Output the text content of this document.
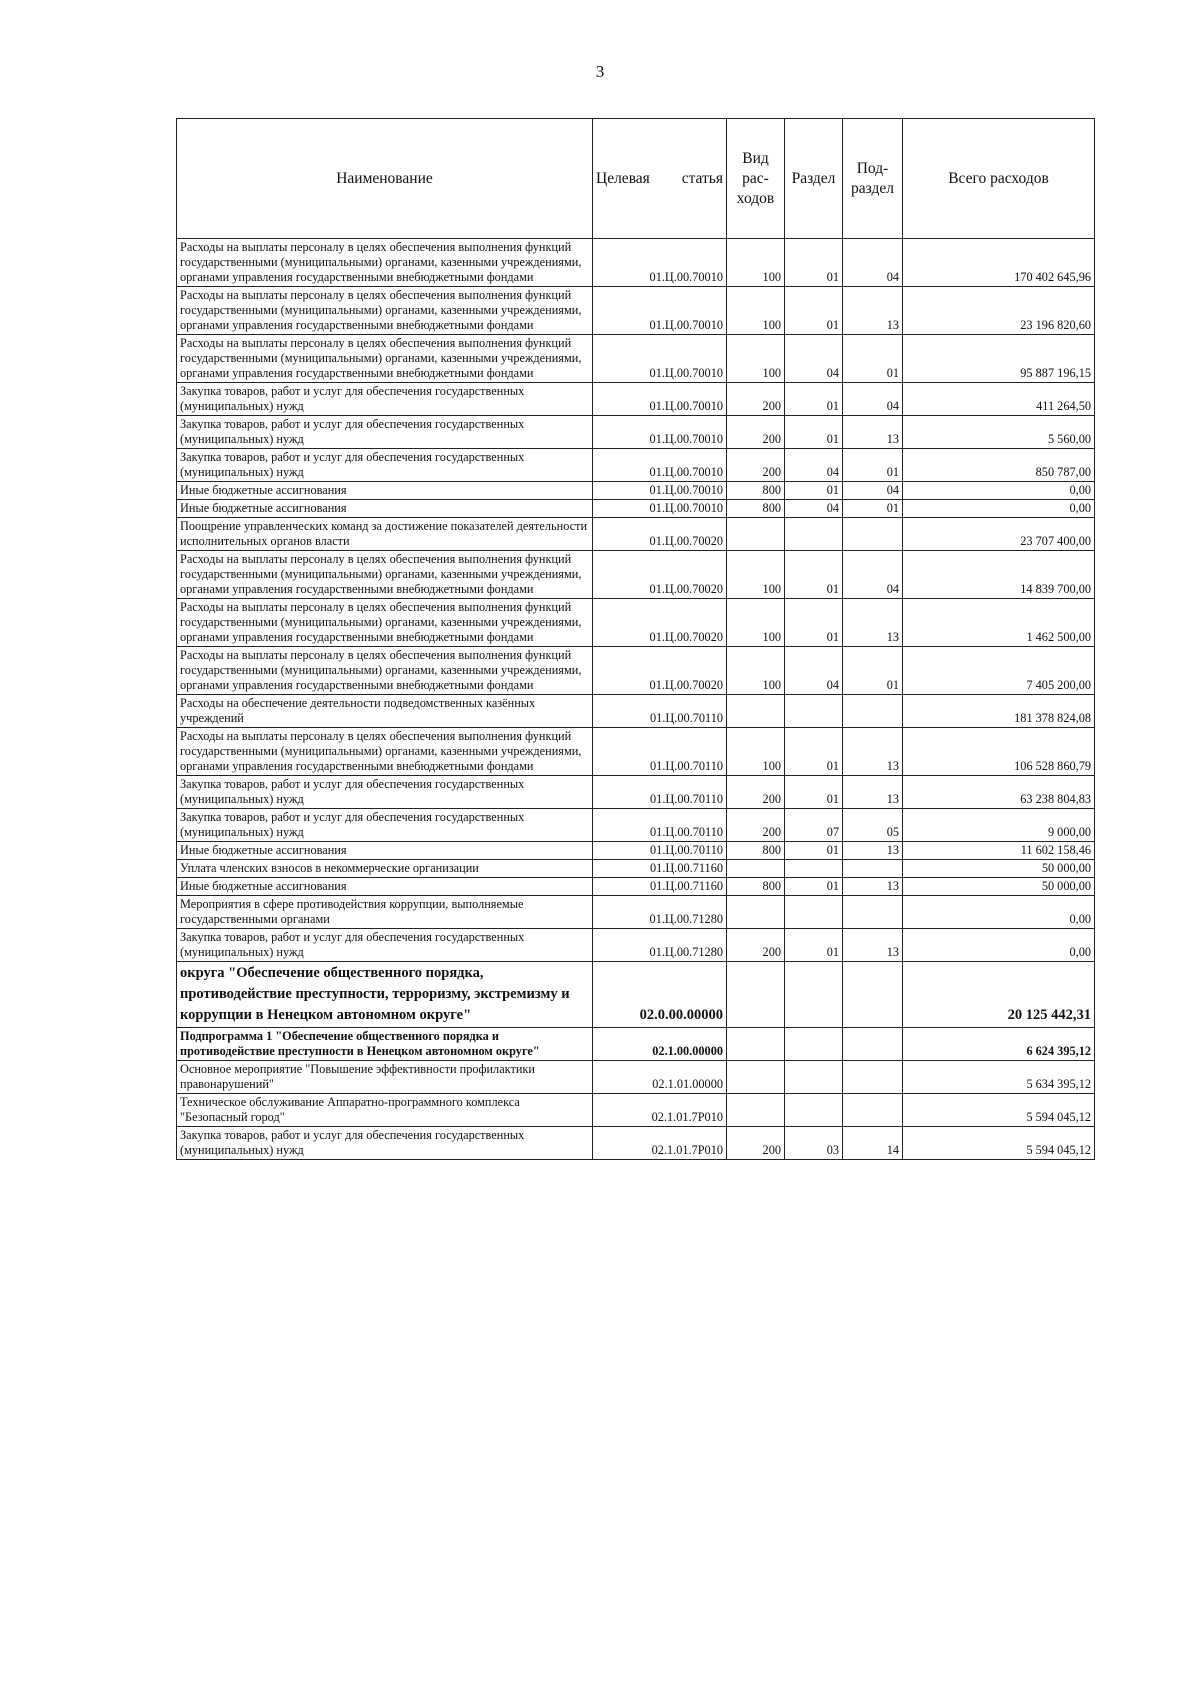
3
Наименование	Целевая статья	Вид рас-ходов	Раздел	Под-раздел	Всего расходов
Расходы на выплаты персоналу в целях обеспечения выполнения функций государственными (муниципальными) органами, казенными учреждениями, органами управления государственными внебюджетными фондами	01.Ц.00.70010	100	01	04	170 402 645,96
Расходы на выплаты персоналу в целях обеспечения выполнения функций государственными (муниципальными) органами, казенными учреждениями, органами управления государственными внебюджетными фондами	01.Ц.00.70010	100	01	13	23 196 820,60
Расходы на выплаты персоналу в целях обеспечения выполнения функций государственными (муниципальными) органами, казенными учреждениями, органами управления государственными внебюджетными фондами	01.Ц.00.70010	100	04	01	95 887 196,15
Закупка товаров, работ и услуг для обеспечения государственных (муниципальных) нужд	01.Ц.00.70010	200	01	04	411 264,50
Закупка товаров, работ и услуг для обеспечения государственных (муниципальных) нужд	01.Ц.00.70010	200	01	13	5 560,00
Закупка товаров, работ и услуг для обеспечения государственных (муниципальных) нужд	01.Ц.00.70010	200	04	01	850 787,00
Иные бюджетные ассигнования	01.Ц.00.70010	800	01	04	0,00
Иные бюджетные ассигнования	01.Ц.00.70010	800	04	01	0,00
Поощрение управленческих команд за достижение показателей деятельности исполнительных органов власти	01.Ц.00.70020				23 707 400,00
Расходы на выплаты персоналу в целях обеспечения выполнения функций государственными (муниципальными) органами, казенными учреждениями, органами управления государственными внебюджетными фондами	01.Ц.00.70020	100	01	04	14 839 700,00
Расходы на выплаты персоналу в целях обеспечения выполнения функций государственными (муниципальными) органами, казенными учреждениями, органами управления государственными внебюджетными фондами	01.Ц.00.70020	100	01	13	1 462 500,00
Расходы на выплаты персоналу в целях обеспечения выполнения функций государственными (муниципальными) органами, казенными учреждениями, органами управления государственными внебюджетными фондами	01.Ц.00.70020	100	04	01	7 405 200,00
Расходы на обеспечение деятельности подведомственных казённых учреждений	01.Ц.00.70110				181 378 824,08
Расходы на выплаты персоналу в целях обеспечения выполнения функций государственными (муниципальными) органами, казенными учреждениями, органами управления государственными внебюджетными фондами	01.Ц.00.70110	100	01	13	106 528 860,79
Закупка товаров, работ и услуг для обеспечения государственных (муниципальных) нужд	01.Ц.00.70110	200	01	13	63 238 804,83
Закупка товаров, работ и услуг для обеспечения государственных (муниципальных) нужд	01.Ц.00.70110	200	07	05	9 000,00
Иные бюджетные ассигнования	01.Ц.00.70110	800	01	13	11 602 158,46
Уплата членских взносов в некоммерческие организации	01.Ц.00.71160				50 000,00
Иные бюджетные ассигнования	01.Ц.00.71160	800	01	13	50 000,00
Мероприятия в сфере противодействия коррупции, выполняемые государственными органами	01.Ц.00.71280				0,00
Закупка товаров, работ и услуг для обеспечения государственных (муниципальных) нужд	01.Ц.00.71280	200	01	13	0,00
округа "Обеспечение общественного порядка, противодействие преступности, терроризму, экстремизму и коррупции в Ненецком автономном округе"	02.0.00.00000				20 125 442,31
Подпрограмма 1 "Обеспечение общественного порядка и противодействие преступности в Ненецком автономном округе"	02.1.00.00000				6 624 395,12
Основное мероприятие "Повышение эффективности профилактики правонарушений"	02.1.01.00000				5 634 395,12
Техническое обслуживание Аппаратно-программного комплекса "Безопасный город"	02.1.01.7Р010				5 594 045,12
Закупка товаров, работ и услуг для обеспечения государственных (муниципальных) нужд	02.1.01.7Р010	200	03	14	5 594 045,12
